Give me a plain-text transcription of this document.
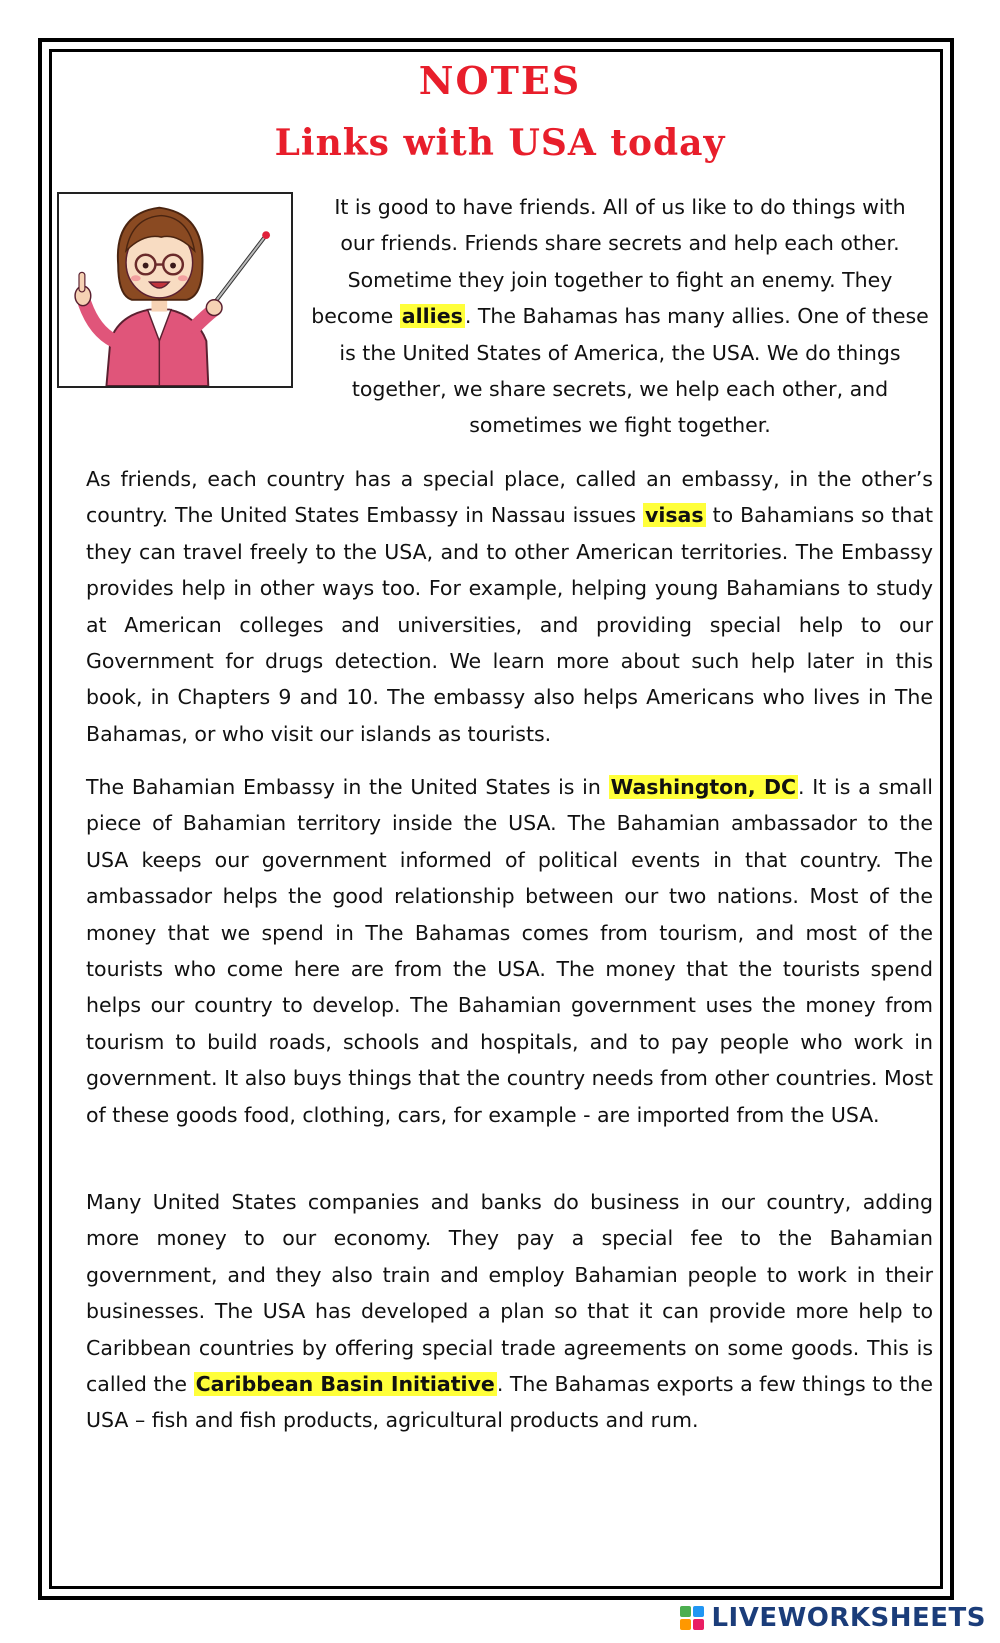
NOTES
Links with USA today
It is good to have friends. All of us like to do things with
our friends. Friends share secrets and help each other.
Sometime they join together to fight an enemy. They
become allies. The Bahamas has many allies. One of these
is the United States of America, the USA. We do things
together, we share secrets, we help each other, and
sometimes we fight together.

As friends, each country has a special place, called an embassy, in the other’s country. The United States Embassy in Nassau issues visas to Bahamians so that they can travel freely to the USA, and to other American territories. The Embassy provides help in other ways too. For example, helping young Bahamians to study at American colleges and universities, and providing special help to our Government for drugs detection. We learn more about such help later in this book, in Chapters 9 and 10. The embassy also helps Americans who lives in The Bahamas, or who visit our islands as tourists.

The Bahamian Embassy in the United States is in Washington, DC. It is a small piece of Bahamian territory inside the USA. The Bahamian ambassador to the USA keeps our government informed of political events in that country. The ambassador helps the good relationship between our two nations. Most of the money that we spend in The Bahamas comes from tourism, and most of the tourists who come here are from the USA. The money that the tourists spend helps our country to develop. The Bahamian government uses the money from tourism to build roads, schools and hospitals, and to pay people who work in government. It also buys things that the country needs from other countries. Most of these goods food, clothing, cars, for example - are imported from the USA.

Many United States companies and banks do business in our country, adding more money to our economy. They pay a special fee to the Bahamian government, and they also train and employ Bahamian people to work in their businesses. The USA has developed a plan so that it can provide more help to Caribbean countries by offering special trade agreements on some goods. This is called the Caribbean Basin Initiative. The Bahamas exports a few things to the USA – fish and fish products, agricultural products and rum.

LIVEWORKSHEETS
